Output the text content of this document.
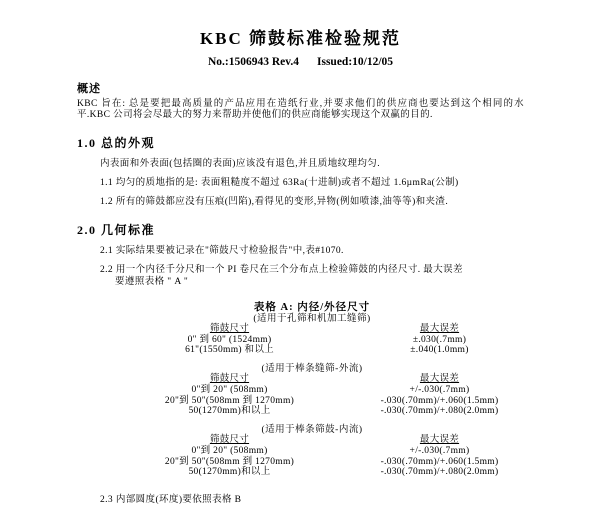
KBC 筛鼓标准检验规范
No.:1506943 Rev.4 Issued:10/12/05
概述
KBC 旨在: 总是要把最高质量的产品应用在造纸行业,并要求他们的供应商也要达到这个相同的水平.KBC 公司将会尽最大的努力来帮助并使他们的供应商能够实现这个双赢的目的.
1.0 总的外观
内表面和外表面(包括圈的表面)应该没有退色,并且质地纹理均匀.
1.1 均匀的质地指的是: 表面粗糙度不超过 63Ra(十进制)或者不超过 1.6µmRa(公制)
1.2 所有的筛鼓都应没有压痕(凹陷),看得见的变形,异物(例如喷漆,油等等)和夹渣.
2.0 几何标准
2.1 实际结果要被记录在"筛鼓尺寸检验报告"中,表#1070.
2.2 用一个内径千分尺和一个 PI 卷尺在三个分布点上检验筛鼓的内径尺寸. 最大误差
要遵照表格 " A "
表格 A: 内径/外径尺寸
(适用于孔筛和机加工缝筛)
筛鼓尺寸	最大误差
0" 到 60" (1524mm)	±.030(.7mm)
61"(1550mm) 和以上	±.040(1.0mm)
(适用于棒条缝筛-外流)
筛鼓尺寸	最大误差
0"到 20" (508mm)	+/-.030(.7mm)
20"到 50"(508mm 到 1270mm)	-.030(.70mm)/+.060(1.5mm)
50(1270mm)和以上	-.030(.70mm)/+.080(2.0mm)
(适用于棒条筛鼓-内流)
筛鼓尺寸	最大误差
0"到 20" (508mm)	+/-.030(.7mm)
20"到 50"(508mm 到 1270mm)	-.030(.70mm)/+.060(1.5mm)
50(1270mm)和以上	-.030(.70mm)/+.080(2.0mm)
2.3 内部圆度(环度)要依照表格 B
